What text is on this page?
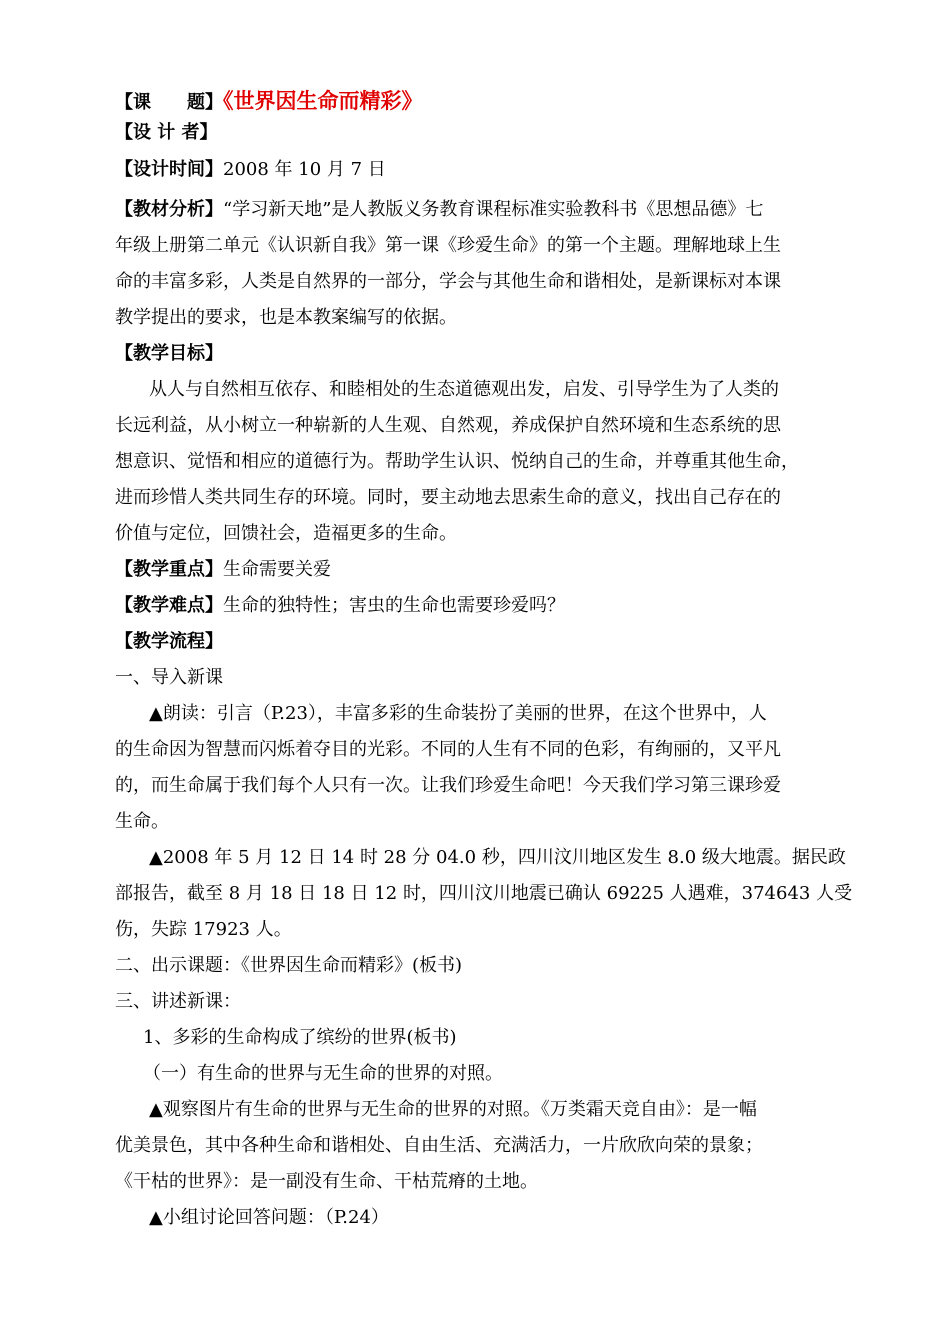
【课　　题】《世界因生命而精彩》
【设 计 者】
【设计时间】2008 年 10 月 7 日
【教材分析】“学习新天地”是人教版义务教育课程标准实验教科书《思想品德》七
年级上册第二单元《认识新自我》第一课《珍爱生命》的第一个主题。理解地球上生
命的丰富多彩，人类是自然界的一部分，学会与其他生命和谐相处，是新课标对本课
教学提出的要求，也是本教案编写的依据。
【教学目标】
从人与自然相互依存、和睦相处的生态道德观出发，启发、引导学生为了人类的
长远利益，从小树立一种崭新的人生观、自然观，养成保护自然环境和生态系统的思
想意识、觉悟和相应的道德行为。帮助学生认识、悦纳自己的生命，并尊重其他生命，
进而珍惜人类共同生存的环境。同时，要主动地去思索生命的意义，找出自己存在的
价值与定位，回馈社会，造福更多的生命。
【教学重点】生命需要关爱
【教学难点】生命的独特性；害虫的生命也需要珍爱吗？
【教学流程】
一、导入新课
▲朗读：引言（P.23），丰富多彩的生命装扮了美丽的世界，在这个世界中，人
的生命因为智慧而闪烁着夺目的光彩。不同的人生有不同的色彩，有绚丽的，又平凡
的，而生命属于我们每个人只有一次。让我们珍爱生命吧！今天我们学习第三课珍爱
生命。
▲2008 年 5 月 12 日 14 时 28 分 04.0 秒，四川汶川地区发生 8.0 级大地震。据民政
部报告，截至 8 月 18 日 18 日 12 时，四川汶川地震已确认 69225 人遇难，374643 人受
伤，失踪 17923 人。
二、出示课题：《世界因生命而精彩》(板书)
三、讲述新课：
1、多彩的生命构成了缤纷的世界(板书)
（一）有生命的世界与无生命的世界的对照。
▲观察图片有生命的世界与无生命的世界的对照。《万类霜天竞自由》：是一幅
优美景色，其中各种生命和谐相处、自由生活、充满活力，一片欣欣向荣的景象；
《干枯的世界》：是一副没有生命、干枯荒瘠的土地。
▲小组讨论回答问题：（P.24）
